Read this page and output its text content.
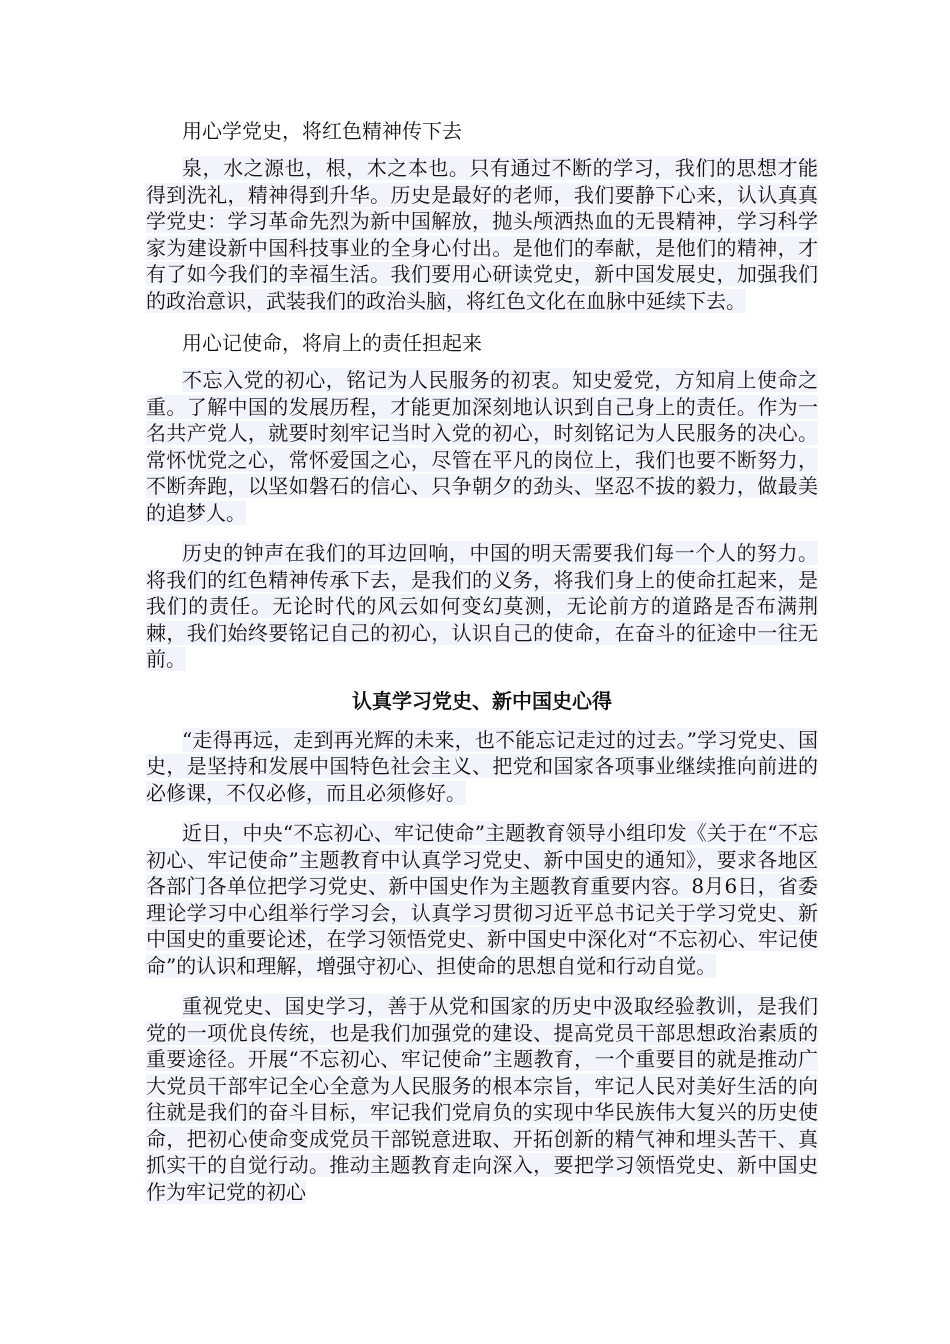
用心学党史，将红色精神传下去

泉，水之源也，根，木之本也。只有通过不断的学习，我们的思想才能得到洗礼，精神得到升华。历史是最好的老师，我们要静下心来，认认真真学党史：学习革命先烈为新中国解放，抛头颅洒热血的无畏精神，学习科学家为建设新中国科技事业的全身心付出。是他们的奉献，是他们的精神，才有了如今我们的幸福生活。我们要用心研读党史，新中国发展史，加强我们的政治意识，武装我们的政治头脑，将红色文化在血脉中延续下去。

用心记使命，将肩上的责任担起来

不忘入党的初心，铭记为人民服务的初衷。知史爱党，方知肩上使命之重。了解中国的发展历程，才能更加深刻地认识到自己身上的责任。作为一名共产党人，就要时刻牢记当时入党的初心，时刻铭记为人民服务的决心。常怀忧党之心，常怀爱国之心，尽管在平凡的岗位上，我们也要不断努力，不断奔跑，以坚如磐石的信心、只争朝夕的劲头、坚忍不拔的毅力，做最美的追梦人。

历史的钟声在我们的耳边回响，中国的明天需要我们每一个人的努力。将我们的红色精神传承下去，是我们的义务，将我们身上的使命扛起来，是我们的责任。无论时代的风云如何变幻莫测，无论前方的道路是否布满荆棘，我们始终要铭记自己的初心，认识自己的使命，在奋斗的征途中一往无前。

认真学习党史、新中国史心得

“走得再远，走到再光辉的未来，也不能忘记走过的过去。”学习党史、国史，是坚持和发展中国特色社会主义、把党和国家各项事业继续推向前进的必修课，不仅必修，而且必须修好。

近日，中央“不忘初心、牢记使命”主题教育领导小组印发《关于在“不忘初心、牢记使命”主题教育中认真学习党史、新中国史的通知》，要求各地区各部门各单位把学习党史、新中国史作为主题教育重要内容。8月6日，省委理论学习中心组举行学习会，认真学习贯彻习近平总书记关于学习党史、新中国史的重要论述，在学习领悟党史、新中国史中深化对“不忘初心、牢记使命”的认识和理解，增强守初心、担使命的思想自觉和行动自觉。

重视党史、国史学习，善于从党和国家的历史中汲取经验教训，是我们党的一项优良传统，也是我们加强党的建设、提高党员干部思想政治素质的重要途径。开展“不忘初心、牢记使命”主题教育，一个重要目的就是推动广大党员干部牢记全心全意为人民服务的根本宗旨，牢记人民对美好生活的向往就是我们的奋斗目标，牢记我们党肩负的实现中华民族伟大复兴的历史使命，把初心使命变成党员干部锐意进取、开拓创新的精气神和埋头苦干、真抓实干的自觉行动。推动主题教育走向深入，要把学习领悟党史、新中国史作为牢记党的初心
